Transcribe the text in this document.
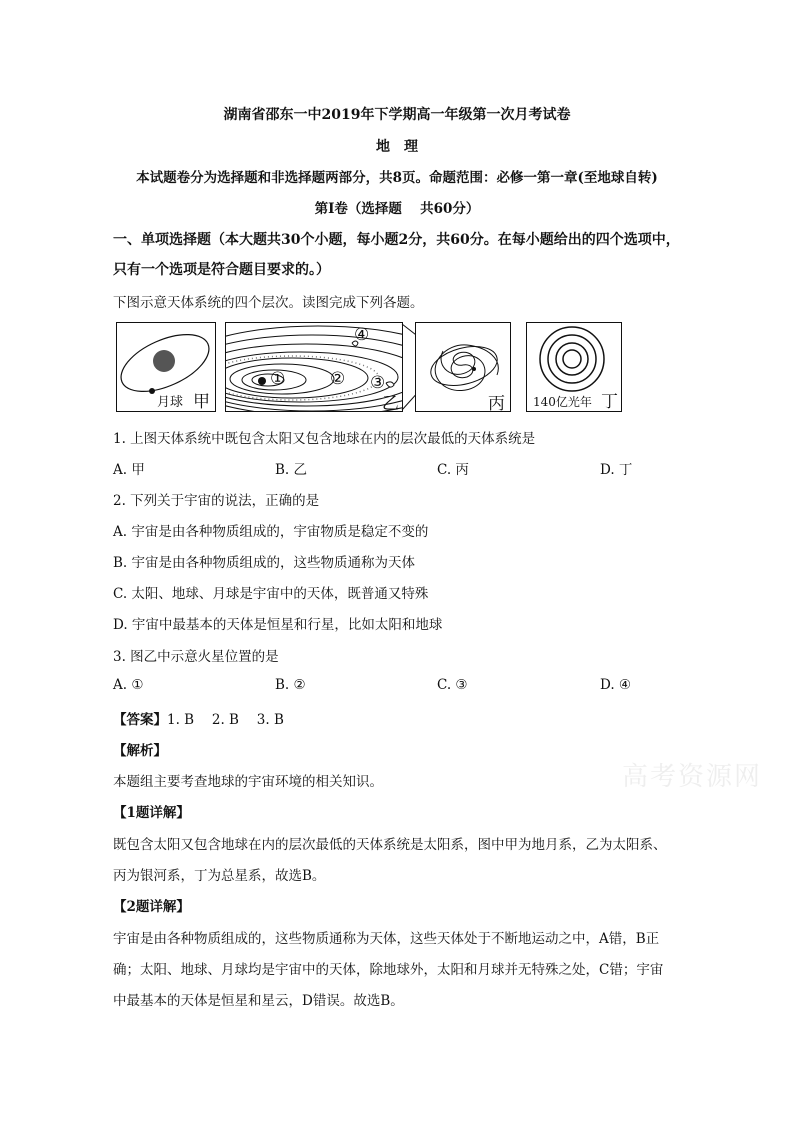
湖南省邵东一中2019年下学期高一年级第一次月考试卷
地　理
本试题卷分为选择题和非选择题两部分，共8页。命题范围：必修一第一章(至地球自转)
第Ⅰ卷（选择题　 共60分）
一、单项选择题（本大题共30个小题，每小题2分，共60分。在每小题给出的四个选项中，
只有一个选项是符合题目要求的。）
下图示意天体系统的四个层次。读图完成下列各题。
月球 甲
①	② ③
④
乙	丙 140亿光年 丁
1. 上图天体系统中既包含太阳又包含地球在内的层次最低的天体系统是
A. 甲	B. 乙	C. 丙	D. 丁
2. 下列关于宇宙的说法，正确的是
A. 宇宙是由各种物质组成的，宇宙物质是稳定不变的
B. 宇宙是由各种物质组成的，这些物质通称为天体
C. 太阳、地球、月球是宇宙中的天体，既普通又特殊
D. 宇宙中最基本的天体是恒星和行星，比如太阳和地球
3. 图乙中示意火星位置的是
A. ①	B. ②	C. ③	D. ④
【答案】1. B　 2. B　 3. B
【解析】
本题组主要考查地球的宇宙环境的相关知识。
【1题详解】
既包含太阳又包含地球在内的层次最低的天体系统是太阳系，图中甲为地月系，乙为太阳系、
丙为银河系，丁为总星系，故选B。
【2题详解】
宇宙是由各种物质组成的，这些物质通称为天体，这些天体处于不断地运动之中，A错，B正
确；太阳、地球、月球均是宇宙中的天体，除地球外，太阳和月球并无特殊之处，C错；宇宙
中最基本的天体是恒星和星云，D错误。故选B。
高考资源网
